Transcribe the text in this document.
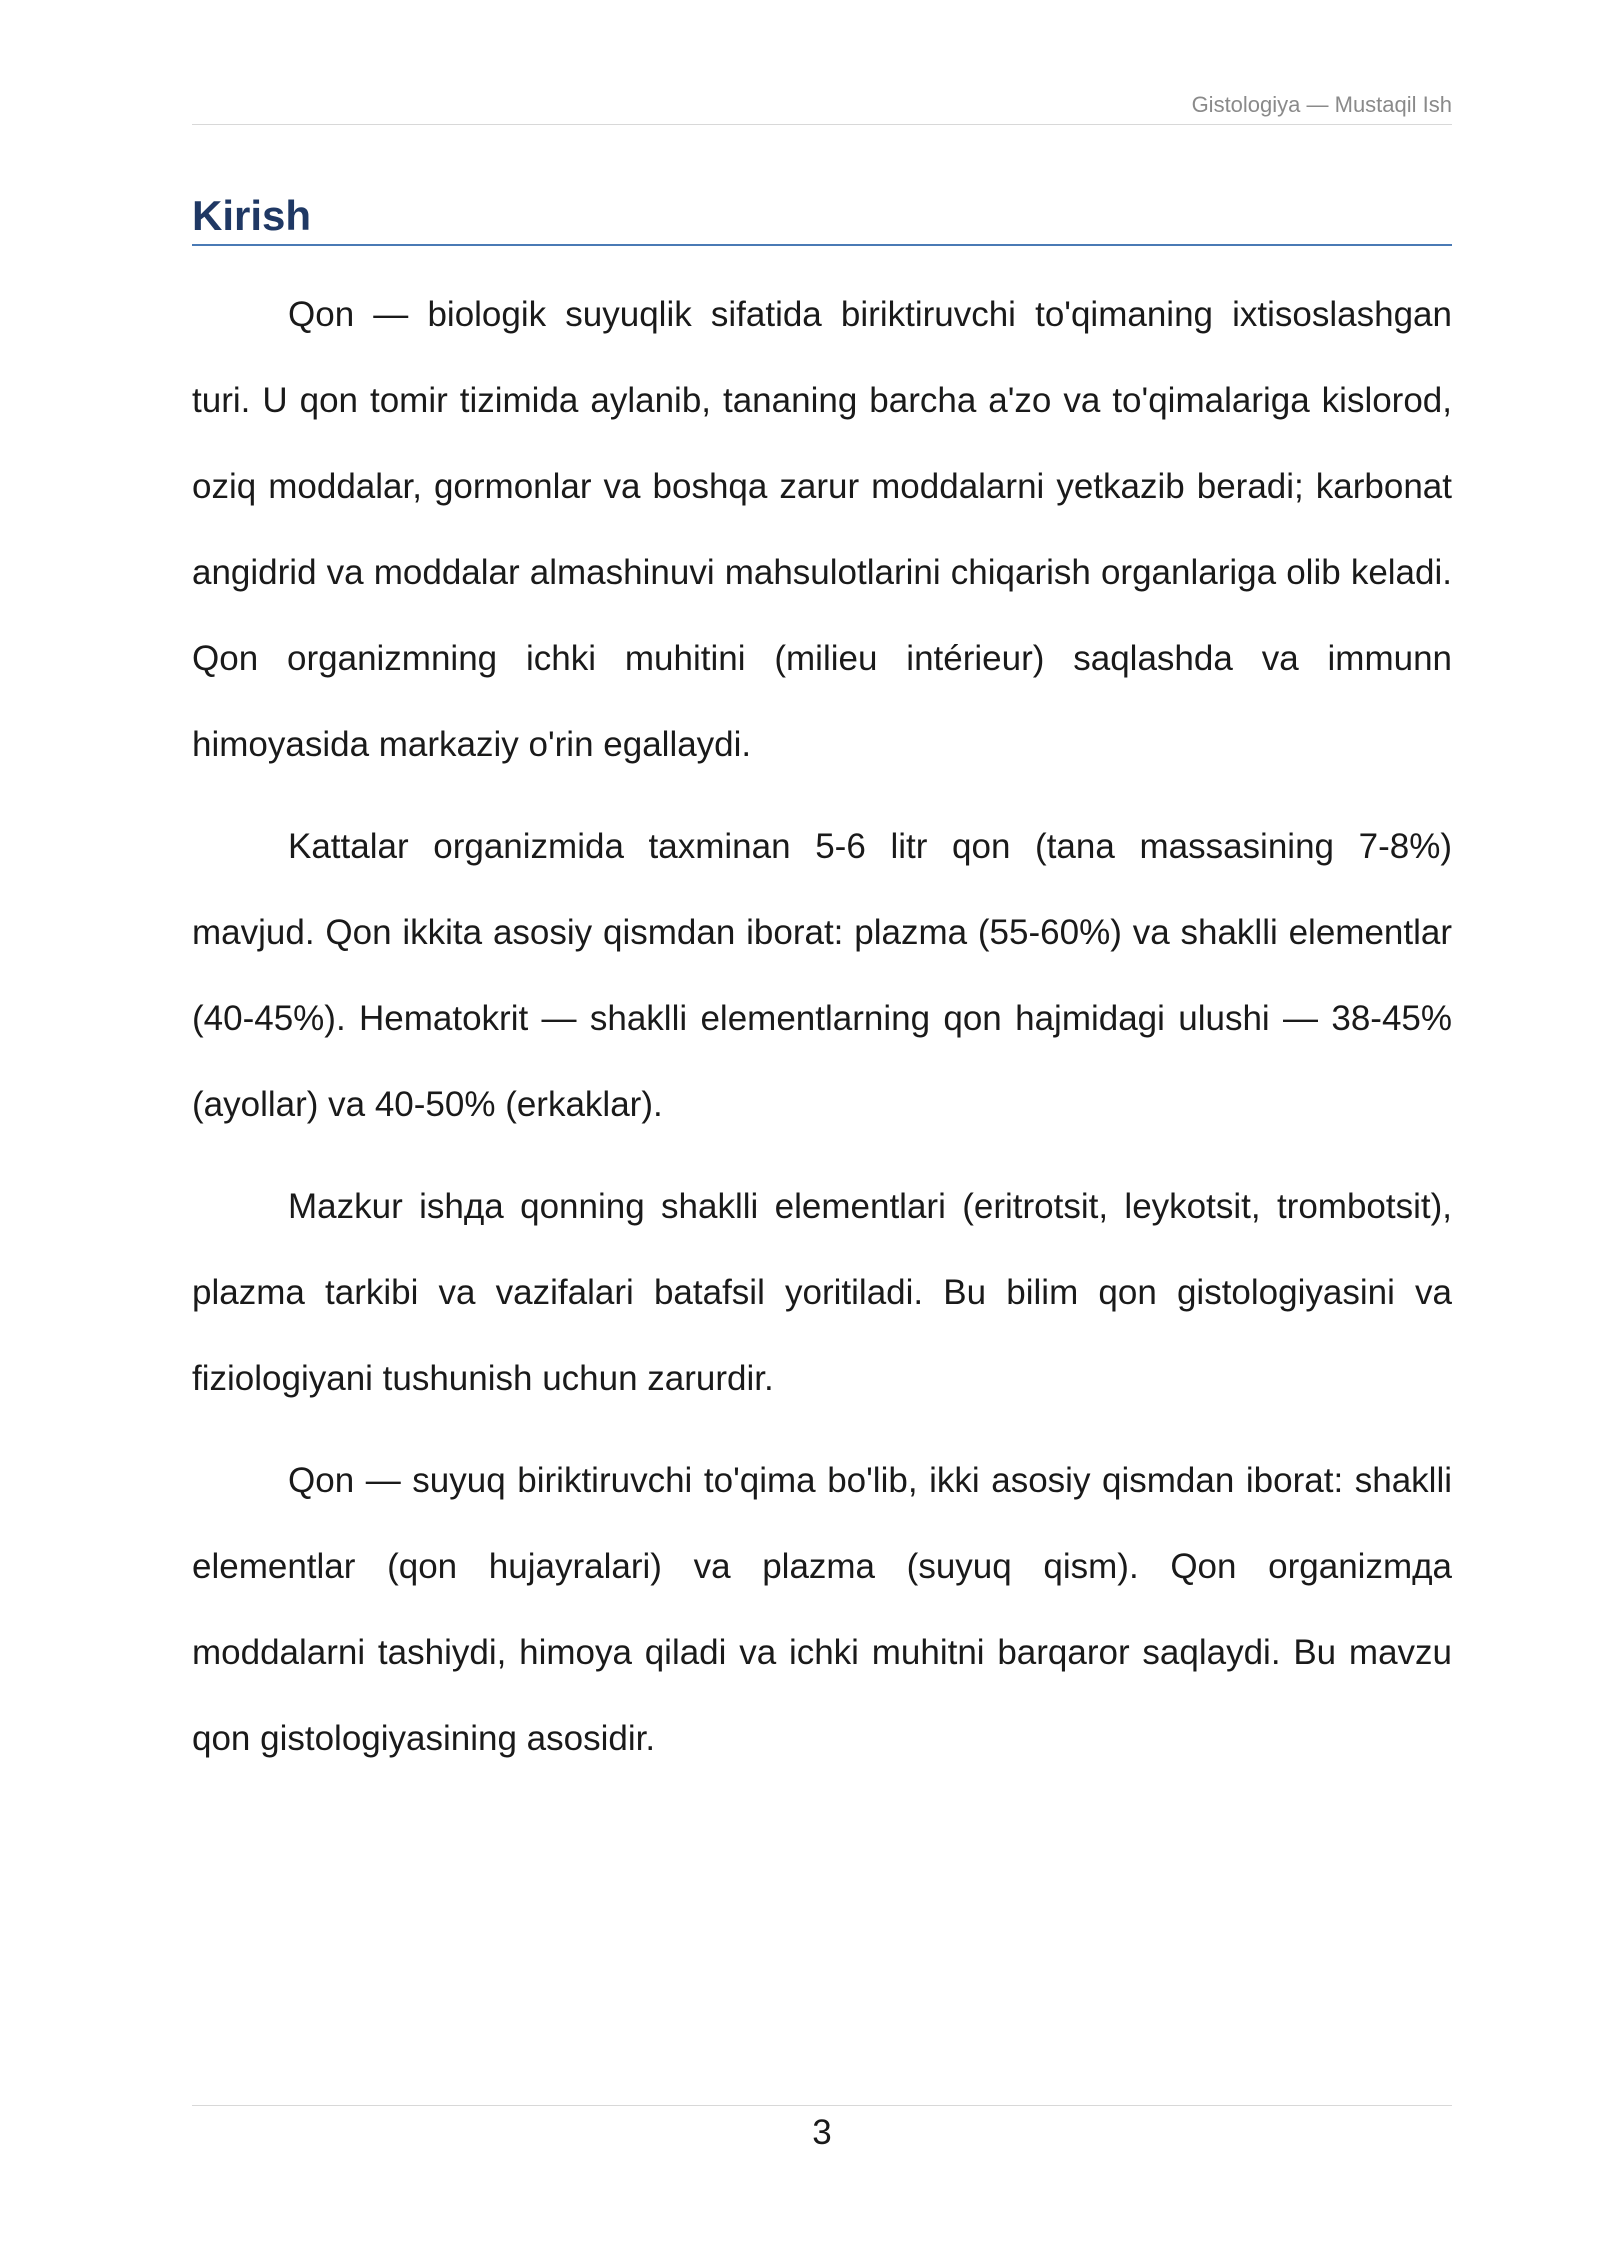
Gistologiya — Mustaqil Ish
Kirish

Qon — biologik suyuqlik sifatida biriktiruvchi to'qimaning ixtisoslashgan turi. U qon tomir tizimida aylanib, tananing barcha a'zo va to'qimalariga kislorod, oziq moddalar, gormonlar va boshqa zarur moddalarni yetkazib beradi; karbonat angidrid va moddalar almashinuvi mahsulotlarini chiqarish organlariga olib keladi. Qon organizmning ichki muhitini (milieu intérieur) saqlashda va immunn himoyasida markaziy o'rin egallaydi.

Kattalar organizmida taxminan 5-6 litr qon (tana massasining 7-8%) mavjud. Qon ikkita asosiy qismdan iborat: plazma (55-60%) va shaklli elementlar (40-45%). Hematokrit — shaklli elementlarning qon hajmidagi ulushi — 38-45% (ayollar) va 40-50% (erkaklar).

Mazkur ishда qonning shaklli elementlari (eritrotsit, leykotsit, trombotsit), plazma tarkibi va vazifalari batafsil yoritiladi. Bu bilim qon gistologiyasini va fiziologiyani tushunish uchun zarurdir.

Qon — suyuq biriktiruvchi to'qima bo'lib, ikki asosiy qismdan iborat: shaklli elementlar (qon hujayralari) va plazma (suyuq qism). Qon organizmда moddalarni tashiydi, himoya qiladi va ichki muhitni barqaror saqlaydi. Bu mavzu qon gistologiyasining asosidir.

3
